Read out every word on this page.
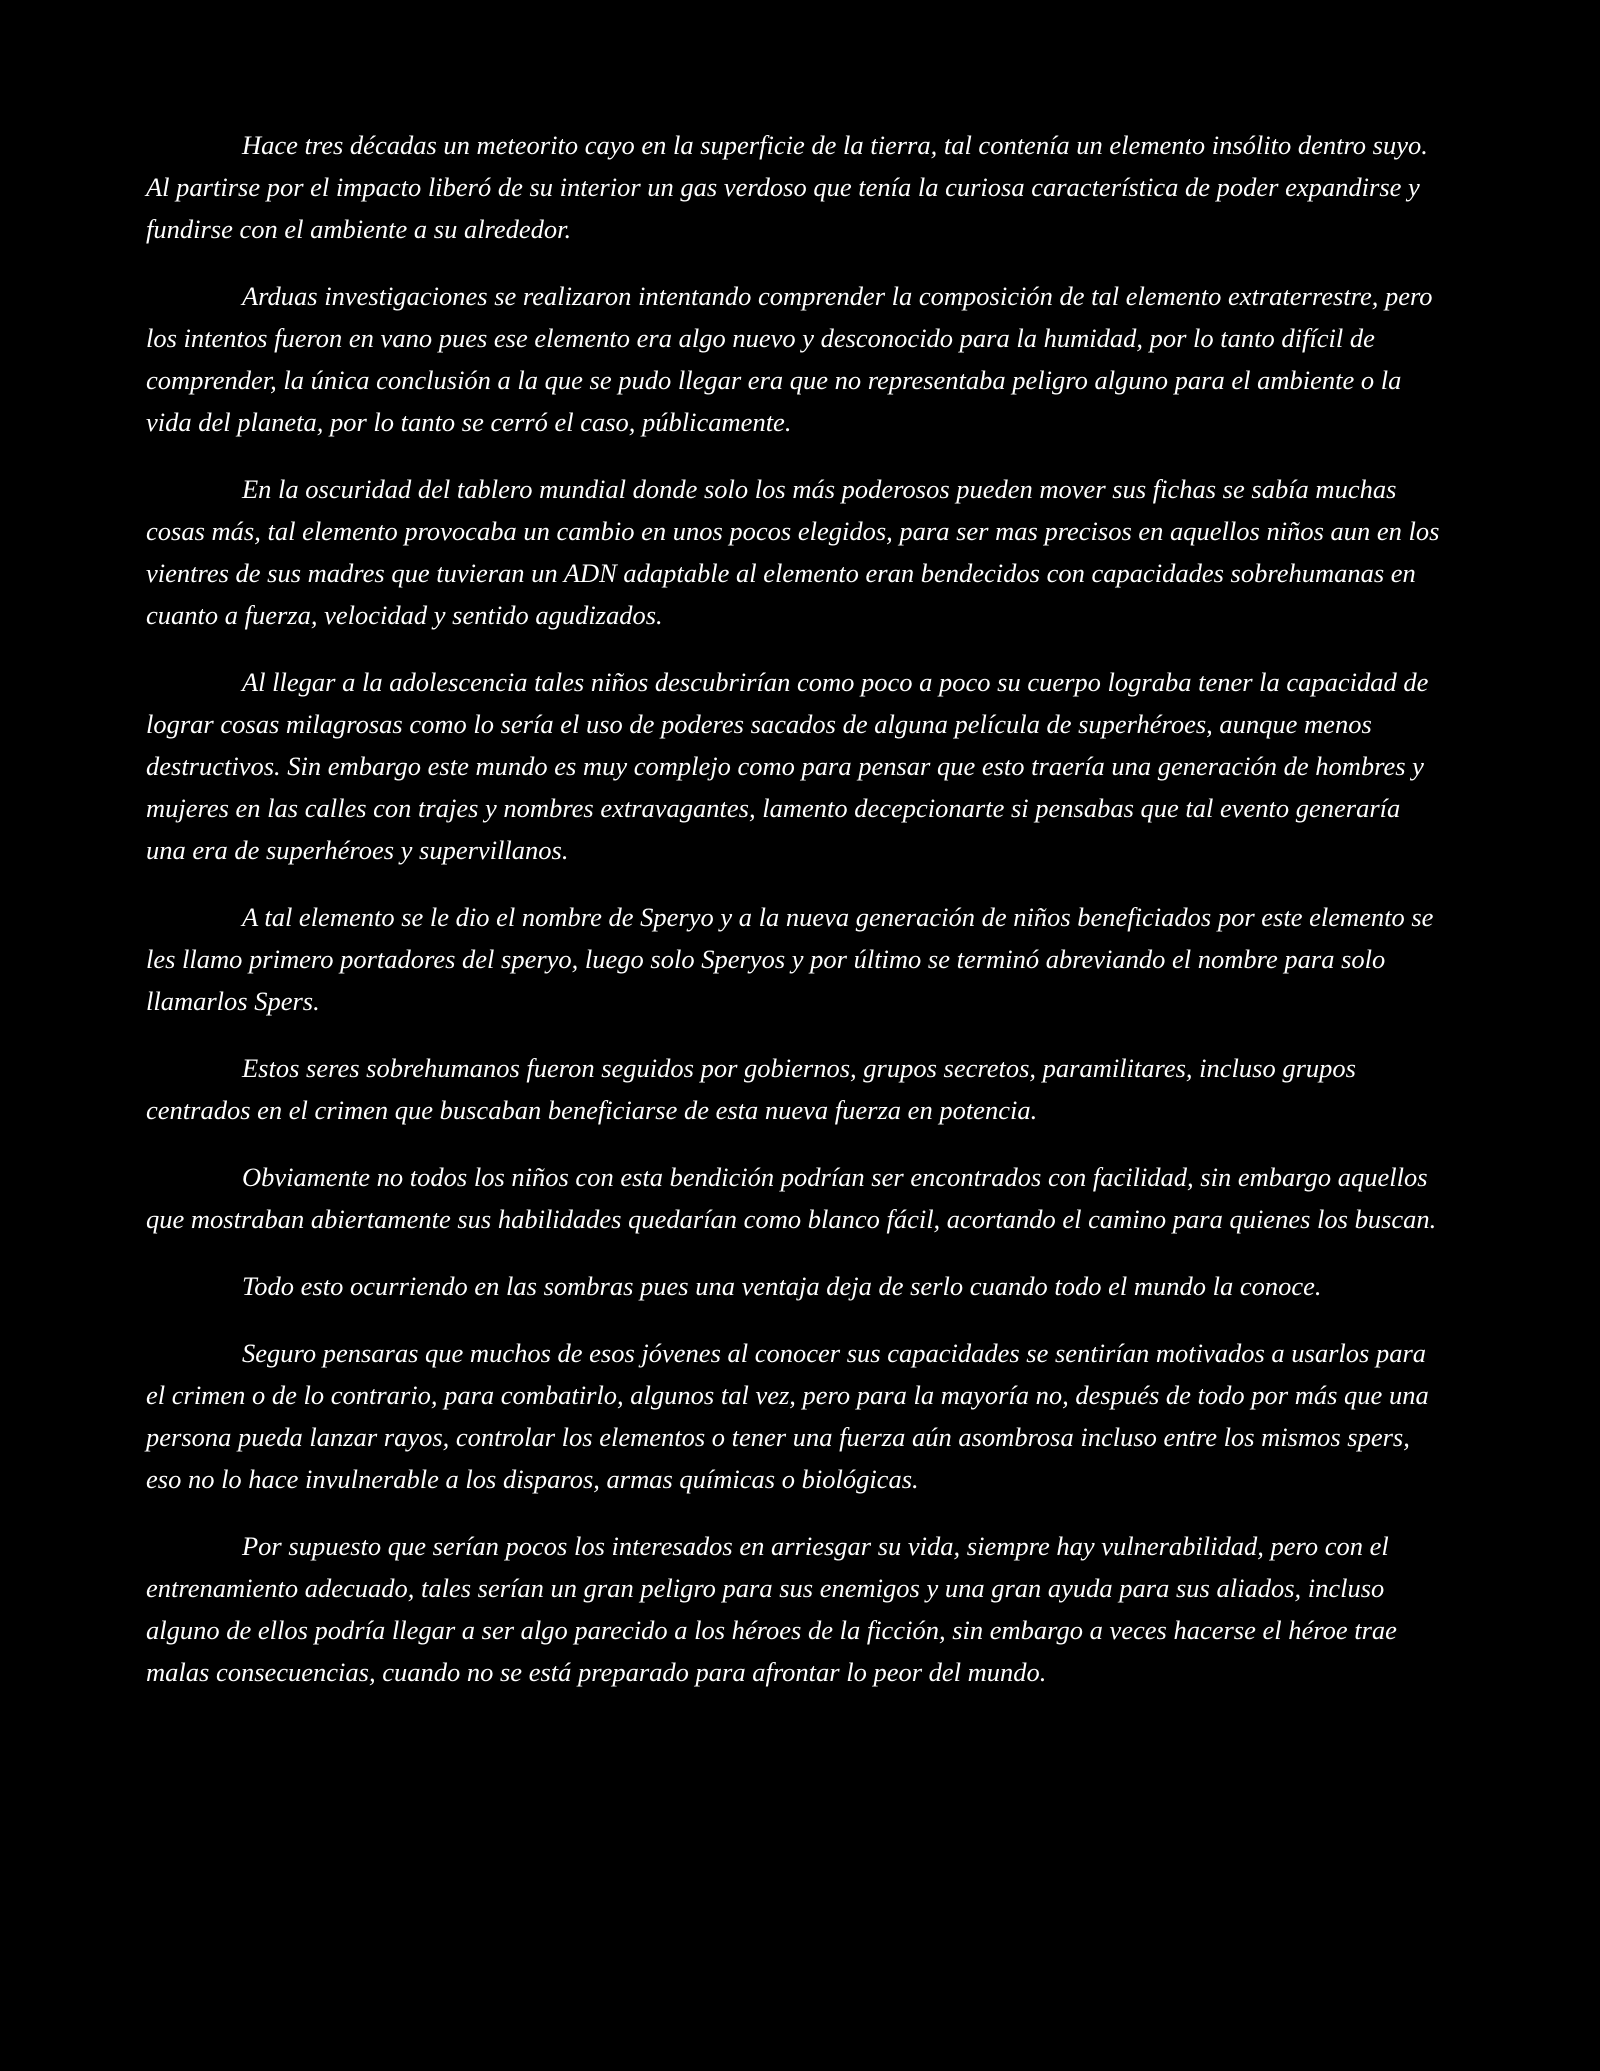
Hace tres décadas un meteorito cayo en la superficie de la tierra, tal contenía un elemento insólito dentro suyo. Al partirse por el impacto liberó de su interior un gas verdoso que tenía la curiosa característica de poder expandirse y fundirse con el ambiente a su alrededor.

Arduas investigaciones se realizaron intentando comprender la composición de tal elemento extraterrestre, pero los intentos fueron en vano pues ese elemento era algo nuevo y desconocido para la humidad, por lo tanto difícil de comprender, la única conclusión a la que se pudo llegar era que no representaba peligro alguno para el ambiente o la vida del planeta, por lo tanto se cerró el caso, públicamente.

En la oscuridad del tablero mundial donde solo los más poderosos pueden mover sus fichas se sabía muchas cosas más, tal elemento provocaba un cambio en unos pocos elegidos, para ser mas precisos en aquellos niños aun en los vientres de sus madres que tuvieran un ADN adaptable al elemento eran bendecidos con capacidades sobrehumanas en cuanto a fuerza, velocidad y sentido agudizados.

Al llegar a la adolescencia tales niños descubrirían como poco a poco su cuerpo lograba tener la capacidad de lograr cosas milagrosas como lo sería el uso de poderes sacados de alguna película de superhéroes, aunque menos destructivos. Sin embargo este mundo es muy complejo como para pensar que esto traería una generación de hombres y mujeres en las calles con trajes y nombres extravagantes, lamento decepcionarte si pensabas que tal evento generaría una era de superhéroes y supervillanos.

A tal elemento se le dio el nombre de Speryo y a la nueva generación de niños beneficiados por este elemento se les llamo primero portadores del speryo, luego solo Speryos y por último se terminó abreviando el nombre para solo llamarlos Spers.

Estos seres sobrehumanos fueron seguidos por gobiernos, grupos secretos, paramilitares, incluso grupos centrados en el crimen que buscaban beneficiarse de esta nueva fuerza en potencia.

Obviamente no todos los niños con esta bendición podrían ser encontrados con facilidad, sin embargo aquellos que mostraban abiertamente sus habilidades quedarían como blanco fácil, acortando el camino para quienes los buscan.

Todo esto ocurriendo en las sombras pues una ventaja deja de serlo cuando todo el mundo la conoce.

Seguro pensaras que muchos de esos jóvenes al conocer sus capacidades se sentirían motivados a usarlos para el crimen o de lo contrario, para combatirlo, algunos tal vez, pero para la mayoría no, después de todo por más que una persona pueda lanzar rayos, controlar los elementos o tener una fuerza aún asombrosa incluso entre los mismos spers, eso no lo hace invulnerable a los disparos, armas químicas o biológicas.

Por supuesto que serían pocos los interesados en arriesgar su vida, siempre hay vulnerabilidad, pero con el entrenamiento adecuado, tales serían un gran peligro para sus enemigos y una gran ayuda para sus aliados, incluso alguno de ellos podría llegar a ser algo parecido a los héroes de la ficción, sin embargo a veces hacerse el héroe trae malas consecuencias, cuando no se está preparado para afrontar lo peor del mundo.
